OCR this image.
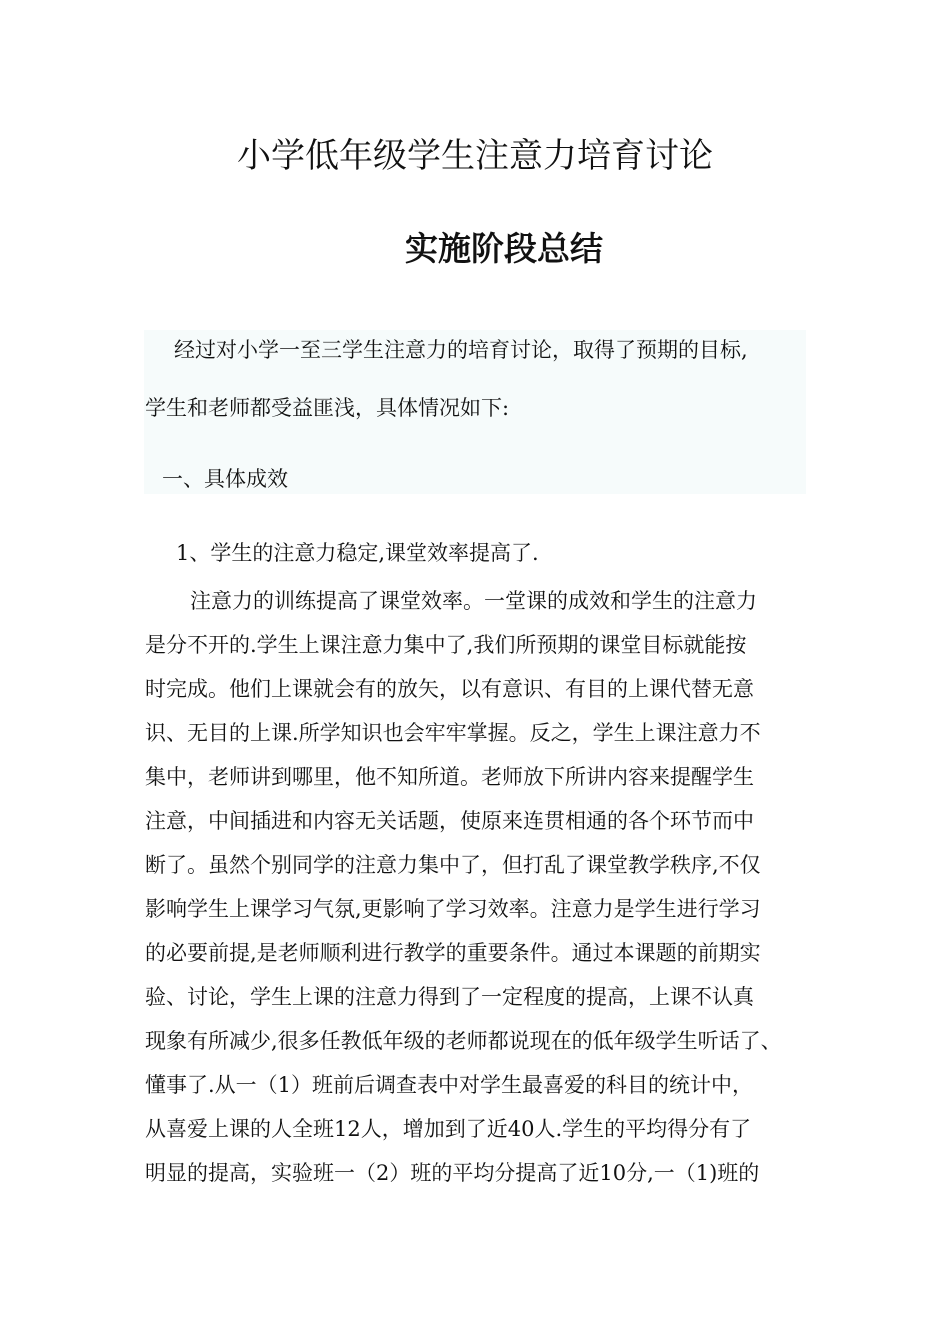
小学低年级学生注意力培育讨论
实施阶段总结

经过对小学一至三学生注意力的培育讨论，取得了预期的目标,

学生和老师都受益匪浅，具体情况如下:

一、具体成效

1、学生的注意力稳定,课堂效率提高了.

注意力的训练提高了课堂效率。一堂课的成效和学生的注意力

是分不开的.学生上课注意力集中了,我们所预期的课堂目标就能按

时完成。他们上课就会有的放矢，以有意识、有目的上课代替无意

识、无目的上课.所学知识也会牢牢掌握。反之，学生上课注意力不

集中，老师讲到哪里，他不知所道。老师放下所讲内容来提醒学生

注意，中间插进和内容无关话题，使原来连贯相通的各个环节而中

断了。虽然个别同学的注意力集中了，但打乱了课堂教学秩序,不仅

影响学生上课学习气氛,更影响了学习效率。注意力是学生进行学习

的必要前提,是老师顺利进行教学的重要条件。通过本课题的前期实

验、讨论，学生上课的注意力得到了一定程度的提高，上课不认真

现象有所减少,很多任教低年级的老师都说现在的低年级学生听话了、

懂事了.从一（1）班前后调查表中对学生最喜爱的科目的统计中，

从喜爱上课的人全班12人，增加到了近40人.学生的平均得分有了

明显的提高，实验班一（2）班的平均分提高了近10分,一（1)班的
